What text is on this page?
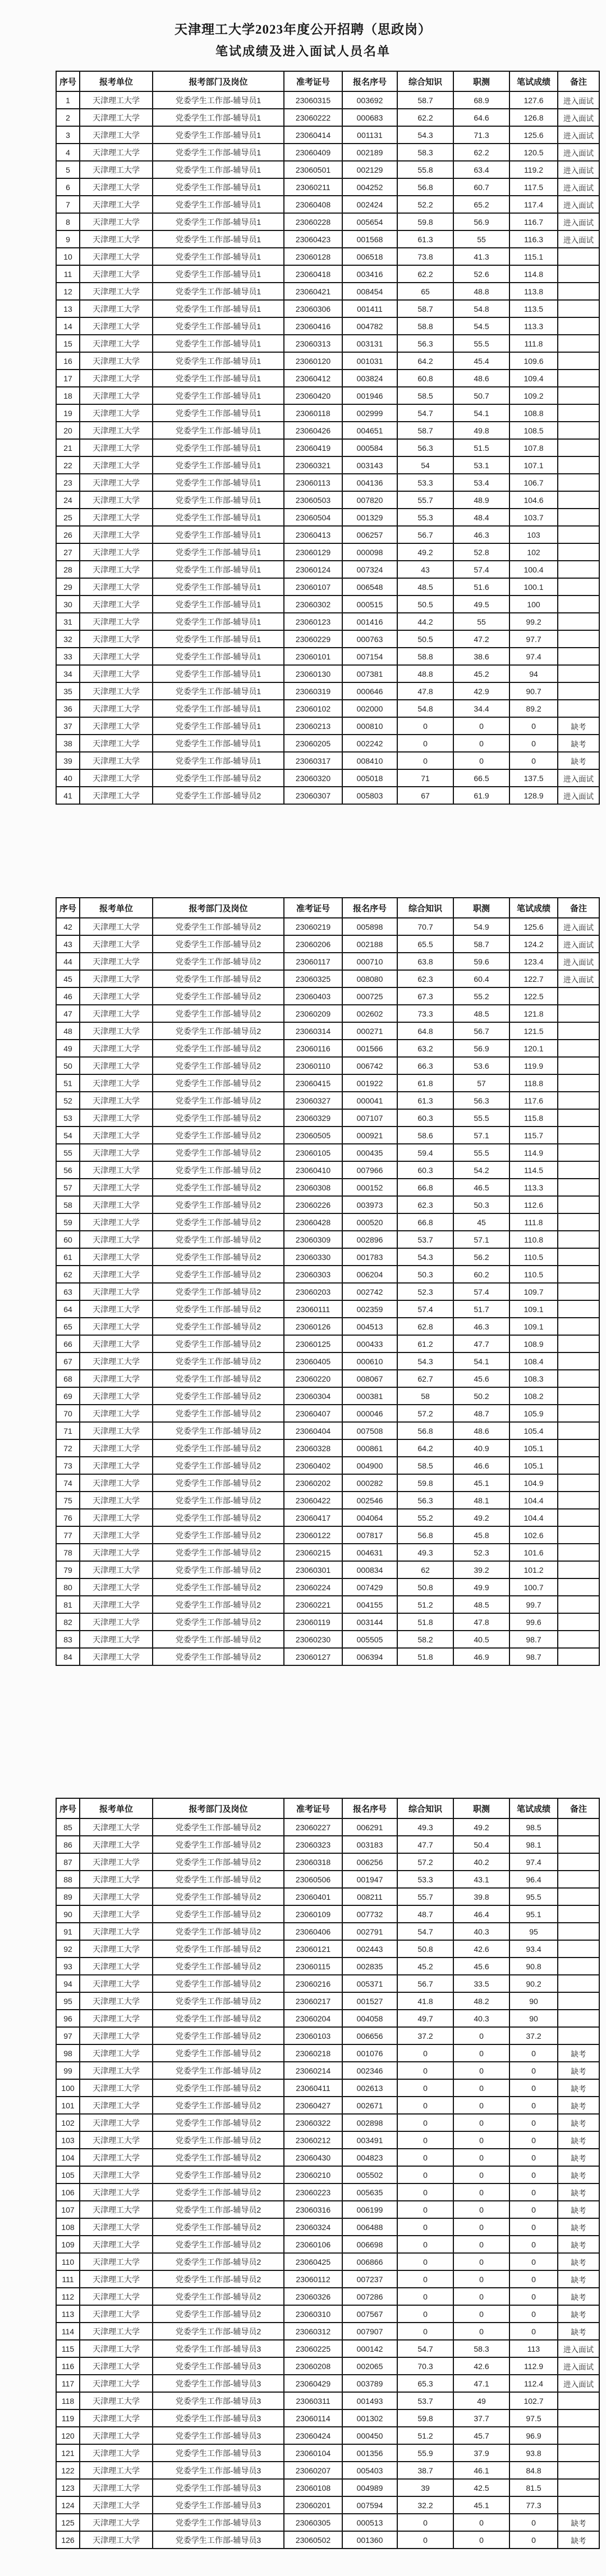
天津理工大学2023年度公开招聘（思政岗）
笔试成绩及进入面试人员名单
序号	报考单位	报考部门及岗位	准考证号	报名序号	综合知识	职测	笔试成绩	备注
1	天津理工大学	党委学生工作部-辅导员1	23060315	003692	58.7	68.9	127.6	进入面试
2	天津理工大学	党委学生工作部-辅导员1	23060222	000683	62.2	64.6	126.8	进入面试
3	天津理工大学	党委学生工作部-辅导员1	23060414	001131	54.3	71.3	125.6	进入面试
4	天津理工大学	党委学生工作部-辅导员1	23060409	002189	58.3	62.2	120.5	进入面试
5	天津理工大学	党委学生工作部-辅导员1	23060501	002129	55.8	63.4	119.2	进入面试
6	天津理工大学	党委学生工作部-辅导员1	23060211	004252	56.8	60.7	117.5	进入面试
7	天津理工大学	党委学生工作部-辅导员1	23060408	002424	52.2	65.2	117.4	进入面试
8	天津理工大学	党委学生工作部-辅导员1	23060228	005654	59.8	56.9	116.7	进入面试
9	天津理工大学	党委学生工作部-辅导员1	23060423	001568	61.3	55	116.3	进入面试
10	天津理工大学	党委学生工作部-辅导员1	23060128	006518	73.8	41.3	115.1	
11	天津理工大学	党委学生工作部-辅导员1	23060418	003416	62.2	52.6	114.8	
12	天津理工大学	党委学生工作部-辅导员1	23060421	008454	65	48.8	113.8	
13	天津理工大学	党委学生工作部-辅导员1	23060306	001411	58.7	54.8	113.5	
14	天津理工大学	党委学生工作部-辅导员1	23060416	004782	58.8	54.5	113.3	
15	天津理工大学	党委学生工作部-辅导员1	23060313	003131	56.3	55.5	111.8	
16	天津理工大学	党委学生工作部-辅导员1	23060120	001031	64.2	45.4	109.6	
17	天津理工大学	党委学生工作部-辅导员1	23060412	003824	60.8	48.6	109.4	
18	天津理工大学	党委学生工作部-辅导员1	23060420	001946	58.5	50.7	109.2	
19	天津理工大学	党委学生工作部-辅导员1	23060118	002999	54.7	54.1	108.8	
20	天津理工大学	党委学生工作部-辅导员1	23060426	004651	58.7	49.8	108.5	
21	天津理工大学	党委学生工作部-辅导员1	23060419	000584	56.3	51.5	107.8	
22	天津理工大学	党委学生工作部-辅导员1	23060321	003143	54	53.1	107.1	
23	天津理工大学	党委学生工作部-辅导员1	23060113	004136	53.3	53.4	106.7	
24	天津理工大学	党委学生工作部-辅导员1	23060503	007820	55.7	48.9	104.6	
25	天津理工大学	党委学生工作部-辅导员1	23060504	001329	55.3	48.4	103.7	
26	天津理工大学	党委学生工作部-辅导员1	23060413	006257	56.7	46.3	103	
27	天津理工大学	党委学生工作部-辅导员1	23060129	000098	49.2	52.8	102	
28	天津理工大学	党委学生工作部-辅导员1	23060124	007324	43	57.4	100.4	
29	天津理工大学	党委学生工作部-辅导员1	23060107	006548	48.5	51.6	100.1	
30	天津理工大学	党委学生工作部-辅导员1	23060302	000515	50.5	49.5	100	
31	天津理工大学	党委学生工作部-辅导员1	23060123	001416	44.2	55	99.2	
32	天津理工大学	党委学生工作部-辅导员1	23060229	000763	50.5	47.2	97.7	
33	天津理工大学	党委学生工作部-辅导员1	23060101	007154	58.8	38.6	97.4	
34	天津理工大学	党委学生工作部-辅导员1	23060130	007381	48.8	45.2	94	
35	天津理工大学	党委学生工作部-辅导员1	23060319	000646	47.8	42.9	90.7	
36	天津理工大学	党委学生工作部-辅导员1	23060102	002000	54.8	34.4	89.2	
37	天津理工大学	党委学生工作部-辅导员1	23060213	000810	0	0	0	缺考
38	天津理工大学	党委学生工作部-辅导员1	23060205	002242	0	0	0	缺考
39	天津理工大学	党委学生工作部-辅导员1	23060317	008410	0	0	0	缺考
40	天津理工大学	党委学生工作部-辅导员2	23060320	005018	71	66.5	137.5	进入面试
41	天津理工大学	党委学生工作部-辅导员2	23060307	005803	67	61.9	128.9	进入面试
序号	报考单位	报考部门及岗位	准考证号	报名序号	综合知识	职测	笔试成绩	备注
42	天津理工大学	党委学生工作部-辅导员2	23060219	005898	70.7	54.9	125.6	进入面试
43	天津理工大学	党委学生工作部-辅导员2	23060206	002188	65.5	58.7	124.2	进入面试
44	天津理工大学	党委学生工作部-辅导员2	23060117	000710	63.8	59.6	123.4	进入面试
45	天津理工大学	党委学生工作部-辅导员2	23060325	008080	62.3	60.4	122.7	进入面试
46	天津理工大学	党委学生工作部-辅导员2	23060403	000725	67.3	55.2	122.5	
47	天津理工大学	党委学生工作部-辅导员2	23060209	002602	73.3	48.5	121.8	
48	天津理工大学	党委学生工作部-辅导员2	23060314	000271	64.8	56.7	121.5	
49	天津理工大学	党委学生工作部-辅导员2	23060116	001566	63.2	56.9	120.1	
50	天津理工大学	党委学生工作部-辅导员2	23060110	006742	66.3	53.6	119.9	
51	天津理工大学	党委学生工作部-辅导员2	23060415	001922	61.8	57	118.8	
52	天津理工大学	党委学生工作部-辅导员2	23060327	000041	61.3	56.3	117.6	
53	天津理工大学	党委学生工作部-辅导员2	23060329	007107	60.3	55.5	115.8	
54	天津理工大学	党委学生工作部-辅导员2	23060505	000921	58.6	57.1	115.7	
55	天津理工大学	党委学生工作部-辅导员2	23060105	000435	59.4	55.5	114.9	
56	天津理工大学	党委学生工作部-辅导员2	23060410	007966	60.3	54.2	114.5	
57	天津理工大学	党委学生工作部-辅导员2	23060308	000152	66.8	46.5	113.3	
58	天津理工大学	党委学生工作部-辅导员2	23060226	003973	62.3	50.3	112.6	
59	天津理工大学	党委学生工作部-辅导员2	23060428	000520	66.8	45	111.8	
60	天津理工大学	党委学生工作部-辅导员2	23060309	002896	53.7	57.1	110.8	
61	天津理工大学	党委学生工作部-辅导员2	23060330	001783	54.3	56.2	110.5	
62	天津理工大学	党委学生工作部-辅导员2	23060303	006204	50.3	60.2	110.5	
63	天津理工大学	党委学生工作部-辅导员2	23060203	002742	52.3	57.4	109.7	
64	天津理工大学	党委学生工作部-辅导员2	23060111	002359	57.4	51.7	109.1	
65	天津理工大学	党委学生工作部-辅导员2	23060126	004513	62.8	46.3	109.1	
66	天津理工大学	党委学生工作部-辅导员2	23060125	000433	61.2	47.7	108.9	
67	天津理工大学	党委学生工作部-辅导员2	23060405	000610	54.3	54.1	108.4	
68	天津理工大学	党委学生工作部-辅导员2	23060220	008067	62.7	45.6	108.3	
69	天津理工大学	党委学生工作部-辅导员2	23060304	000381	58	50.2	108.2	
70	天津理工大学	党委学生工作部-辅导员2	23060407	000046	57.2	48.7	105.9	
71	天津理工大学	党委学生工作部-辅导员2	23060404	007508	56.8	48.6	105.4	
72	天津理工大学	党委学生工作部-辅导员2	23060328	000861	64.2	40.9	105.1	
73	天津理工大学	党委学生工作部-辅导员2	23060402	004900	58.5	46.6	105.1	
74	天津理工大学	党委学生工作部-辅导员2	23060202	000282	59.8	45.1	104.9	
75	天津理工大学	党委学生工作部-辅导员2	23060422	002546	56.3	48.1	104.4	
76	天津理工大学	党委学生工作部-辅导员2	23060417	004064	55.2	49.2	104.4	
77	天津理工大学	党委学生工作部-辅导员2	23060122	007817	56.8	45.8	102.6	
78	天津理工大学	党委学生工作部-辅导员2	23060215	004631	49.3	52.3	101.6	
79	天津理工大学	党委学生工作部-辅导员2	23060301	000834	62	39.2	101.2	
80	天津理工大学	党委学生工作部-辅导员2	23060224	007429	50.8	49.9	100.7	
81	天津理工大学	党委学生工作部-辅导员2	23060221	004155	51.2	48.5	99.7	
82	天津理工大学	党委学生工作部-辅导员2	23060119	003144	51.8	47.8	99.6	
83	天津理工大学	党委学生工作部-辅导员2	23060230	005505	58.2	40.5	98.7	
84	天津理工大学	党委学生工作部-辅导员2	23060127	006394	51.8	46.9	98.7	
序号	报考单位	报考部门及岗位	准考证号	报名序号	综合知识	职测	笔试成绩	备注
85	天津理工大学	党委学生工作部-辅导员2	23060227	006291	49.3	49.2	98.5	
86	天津理工大学	党委学生工作部-辅导员2	23060323	003183	47.7	50.4	98.1	
87	天津理工大学	党委学生工作部-辅导员2	23060318	006256	57.2	40.2	97.4	
88	天津理工大学	党委学生工作部-辅导员2	23060506	001947	53.3	43.1	96.4	
89	天津理工大学	党委学生工作部-辅导员2	23060401	008211	55.7	39.8	95.5	
90	天津理工大学	党委学生工作部-辅导员2	23060109	007732	48.7	46.4	95.1	
91	天津理工大学	党委学生工作部-辅导员2	23060406	002791	54.7	40.3	95	
92	天津理工大学	党委学生工作部-辅导员2	23060121	002443	50.8	42.6	93.4	
93	天津理工大学	党委学生工作部-辅导员2	23060115	002835	45.2	45.6	90.8	
94	天津理工大学	党委学生工作部-辅导员2	23060216	005371	56.7	33.5	90.2	
95	天津理工大学	党委学生工作部-辅导员2	23060217	001527	41.8	48.2	90	
96	天津理工大学	党委学生工作部-辅导员2	23060204	004058	49.7	40.3	90	
97	天津理工大学	党委学生工作部-辅导员2	23060103	006656	37.2	0	37.2	
98	天津理工大学	党委学生工作部-辅导员2	23060218	001076	0	0	0	缺考
99	天津理工大学	党委学生工作部-辅导员2	23060214	002346	0	0	0	缺考
100	天津理工大学	党委学生工作部-辅导员2	23060411	002613	0	0	0	缺考
101	天津理工大学	党委学生工作部-辅导员2	23060427	002671	0	0	0	缺考
102	天津理工大学	党委学生工作部-辅导员2	23060322	002898	0	0	0	缺考
103	天津理工大学	党委学生工作部-辅导员2	23060212	003491	0	0	0	缺考
104	天津理工大学	党委学生工作部-辅导员2	23060430	004823	0	0	0	缺考
105	天津理工大学	党委学生工作部-辅导员2	23060210	005502	0	0	0	缺考
106	天津理工大学	党委学生工作部-辅导员2	23060223	005635	0	0	0	缺考
107	天津理工大学	党委学生工作部-辅导员2	23060316	006199	0	0	0	缺考
108	天津理工大学	党委学生工作部-辅导员2	23060324	006488	0	0	0	缺考
109	天津理工大学	党委学生工作部-辅导员2	23060106	006698	0	0	0	缺考
110	天津理工大学	党委学生工作部-辅导员2	23060425	006866	0	0	0	缺考
111	天津理工大学	党委学生工作部-辅导员2	23060112	007237	0	0	0	缺考
112	天津理工大学	党委学生工作部-辅导员2	23060326	007286	0	0	0	缺考
113	天津理工大学	党委学生工作部-辅导员2	23060310	007567	0	0	0	缺考
114	天津理工大学	党委学生工作部-辅导员2	23060312	007907	0	0	0	缺考
115	天津理工大学	党委学生工作部-辅导员3	23060225	000142	54.7	58.3	113	进入面试
116	天津理工大学	党委学生工作部-辅导员3	23060208	002065	70.3	42.6	112.9	进入面试
117	天津理工大学	党委学生工作部-辅导员3	23060429	003789	65.3	47.1	112.4	进入面试
118	天津理工大学	党委学生工作部-辅导员3	23060311	001493	53.7	49	102.7	
119	天津理工大学	党委学生工作部-辅导员3	23060114	001302	59.8	37.7	97.5	
120	天津理工大学	党委学生工作部-辅导员3	23060424	000450	51.2	45.7	96.9	
121	天津理工大学	党委学生工作部-辅导员3	23060104	001356	55.9	37.9	93.8	
122	天津理工大学	党委学生工作部-辅导员3	23060207	005403	38.7	46.1	84.8	
123	天津理工大学	党委学生工作部-辅导员3	23060108	004989	39	42.5	81.5	
124	天津理工大学	党委学生工作部-辅导员3	23060201	007594	32.2	45.1	77.3	
125	天津理工大学	党委学生工作部-辅导员3	23060305	000513	0	0	0	缺考
126	天津理工大学	党委学生工作部-辅导员3	23060502	001360	0	0	0	缺考
